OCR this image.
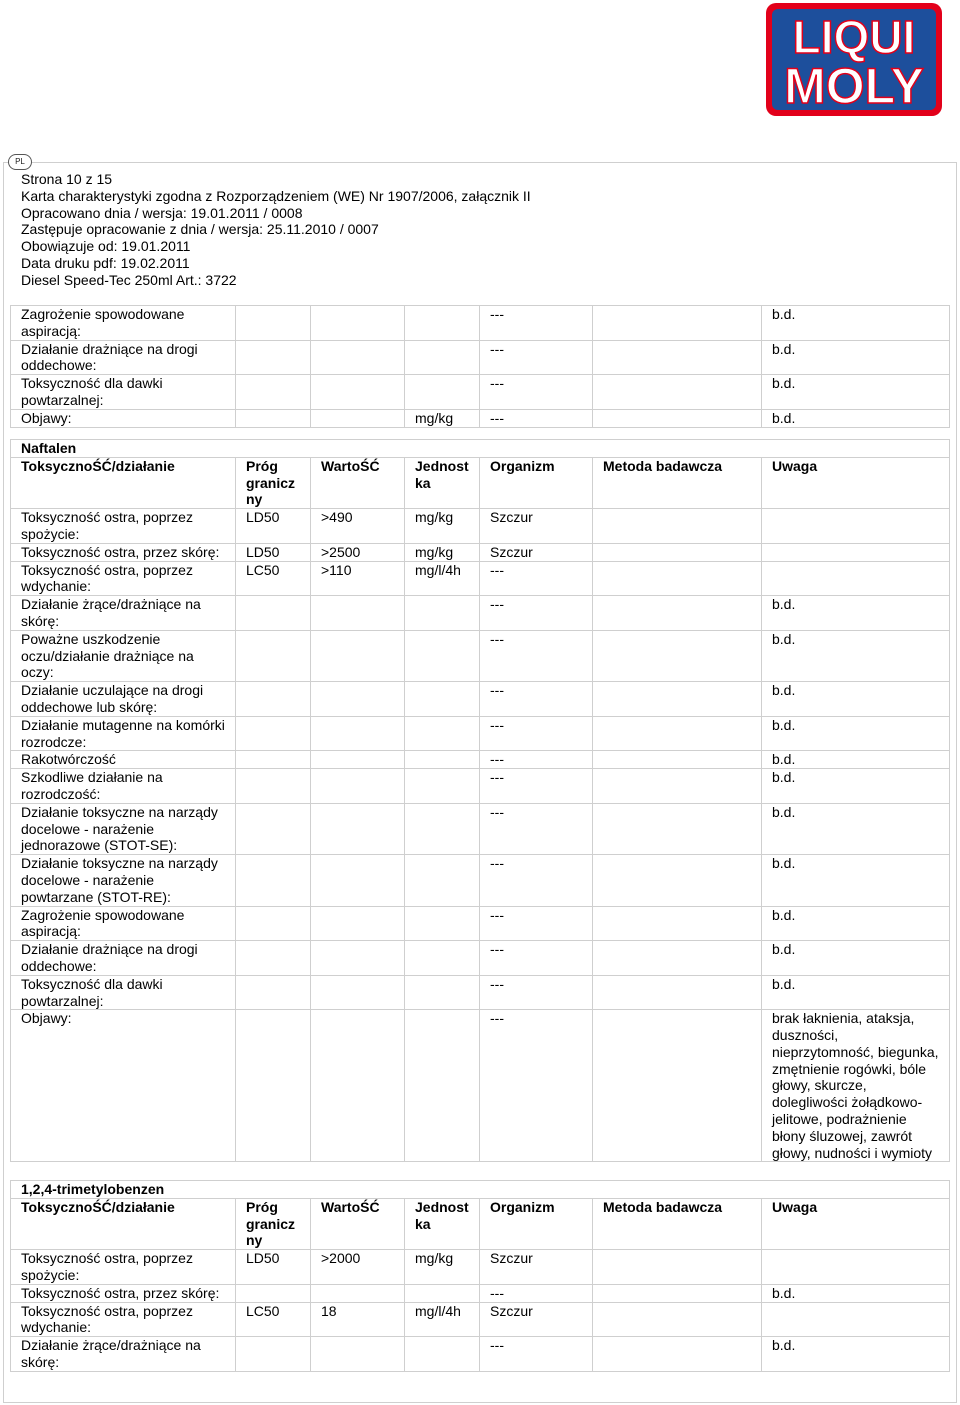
LIQUI
MOLY
PL
Strona 10 z 15
Karta charakterystyki zgodna z Rozporządzeniem (WE) Nr 1907/2006, załącznik II
Opracowano dnia / wersja: 19.01.2011 / 0008
Zastępuje opracowanie z dnia / wersja: 25.11.2010 / 0007
Obowiązuje od: 19.01.2011
Data druku pdf: 19.02.2011
Diesel Speed-Tec 250ml Art.: 3722
Zagrożenie spowodowane aspiracją:				---		b.d.
Działanie drażniące na drogi oddechowe:				---		b.d.
Toksyczność dla dawki powtarzalnej:				---		b.d.
Objawy:			mg/kg	---		b.d.
Naftalen						
ToksycznoŚĆ/działanie	Próg granicz ny	WartoŚĆ	Jednost ka	Organizm	Metoda badawcza	Uwaga
Toksyczność ostra, poprzez spożycie:	LD50	>490	mg/kg	Szczur		
Toksyczność ostra, przez skórę:	LD50	>2500	mg/kg	Szczur		
Toksyczność ostra, poprzez wdychanie:	LC50	>110	mg/l/4h	---		
Działanie żrące/drażniące na skórę:				---		b.d.
Poważne uszkodzenie oczu/działanie drażniące na oczy:				---		b.d.
Działanie uczulające na drogi oddechowe lub skórę:				---		b.d.
Działanie mutagenne na komórki rozrodcze:				---		b.d.
Rakotwórczość				---		b.d.
Szkodliwe działanie na rozrodczość:				---		b.d.
Działanie toksyczne na narządy docelowe - narażenie jednorazowe (STOT-SE):				---		b.d.
Działanie toksyczne na narządy docelowe - narażenie powtarzane (STOT-RE):				---		b.d.
Zagrożenie spowodowane aspiracją:				---		b.d.
Działanie drażniące na drogi oddechowe:				---		b.d.
Toksyczność dla dawki powtarzalnej:				---		b.d.
Objawy:				---		brak łaknienia, ataksja, duszności, nieprzytomność, biegunka, zmętnienie rogówki, bóle głowy, skurcze, dolegliwości żołądkowo-jelitowe, podrażnienie błony śluzowej, zawrót głowy, nudności i wymioty
1,2,4-trimetylobenzen						
ToksycznoŚĆ/działanie	Próg granicz ny	WartoŚĆ	Jednost ka	Organizm	Metoda badawcza	Uwaga
Toksyczność ostra, poprzez spożycie:	LD50	>2000	mg/kg	Szczur		
Toksyczność ostra, przez skórę:				---		b.d.
Toksyczność ostra, poprzez wdychanie:	LC50	18	mg/l/4h	Szczur		
Działanie żrące/drażniące na skórę:				---		b.d.
